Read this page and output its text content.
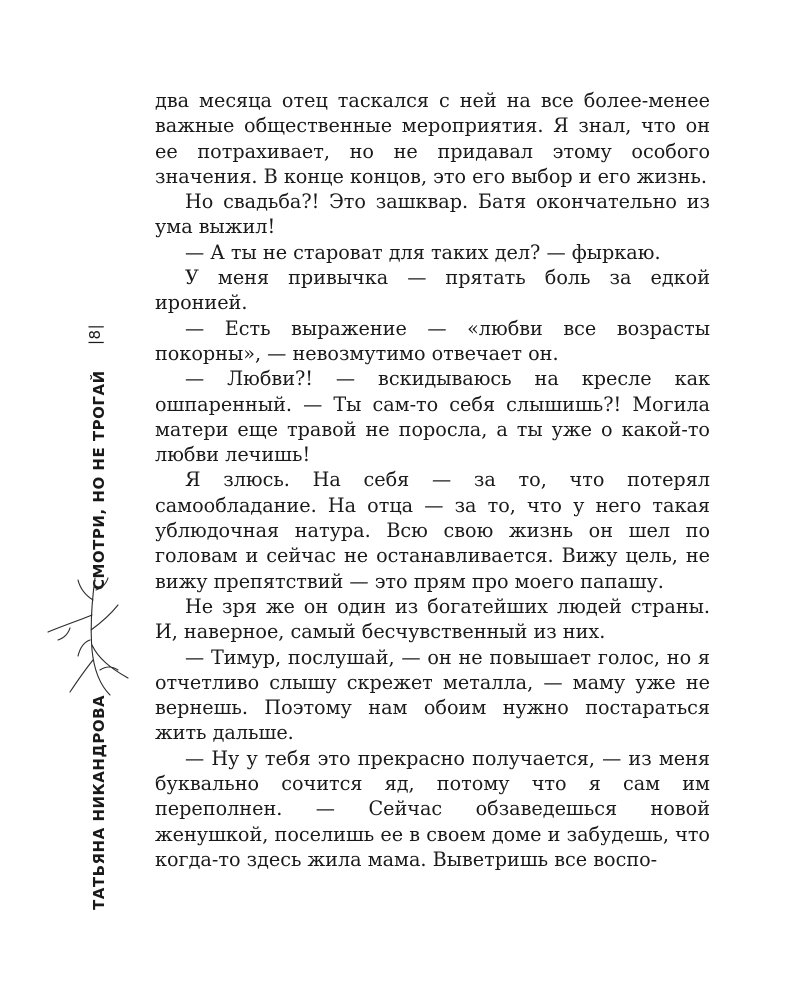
ТАТЬЯНА НИКАНДРОВА
СМОТРИ, НО НЕ ТРОГАЙ
|​8​|

два месяца отец таскался с ней на все более-менее важные общественные мероприятия. Я знал, что он ее потрахивает, но не придавал этому особого значения. В конце концов, это его выбор и его жизнь.

Но свадьба?! Это зашквар. Батя окончательно из ума выжил!

— А ты не староват для таких дел? — фыркаю.

У меня привычка — прятать боль за едкой иронией.

— Есть выражение — «любви все возрасты покорны», — невозмутимо отвечает он.

— Любви?! — вскидываюсь на кресле как ошпаренный. — Ты сам-то себя слышишь?! Могила матери еще травой не поросла, а ты уже о какой-то любви лечишь!

Я злюсь. На себя — за то, что потерял самообладание. На отца — за то, что у него такая ублюдочная натура. Всю свою жизнь он шел по головам и сейчас не останавливается. Вижу цель, не вижу препятствий — это прям про моего папашу.

Не зря же он один из богатейших людей страны. И, наверное, самый бесчувственный из них.

— Тимур, послушай, — он не повышает голос, но я отчетливо слышу скрежет металла, — маму уже не вернешь. Поэтому нам обоим нужно постараться жить дальше.

— Ну у тебя это прекрасно получается, — из меня буквально сочится яд, потому что я сам им переполнен. — Сейчас обзаведешься новой женушкой, поселишь ее в своем доме и забудешь, что когда-то здесь жила мама. Выветришь все воспо-
